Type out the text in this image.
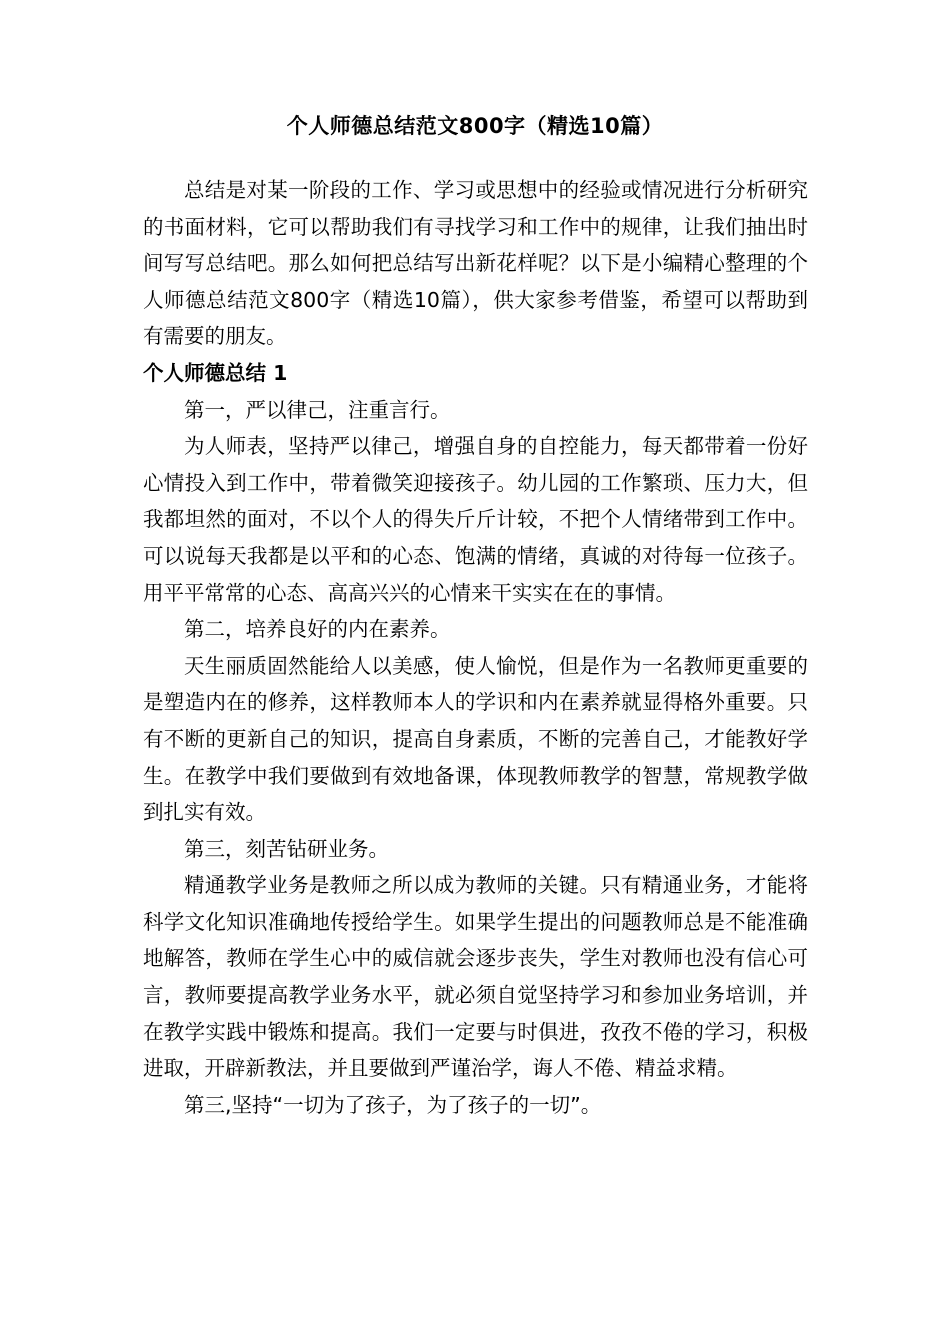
个人师德总结范文800字（精选10篇）

总结是对某一阶段的工作、学习或思想中的经验或情况进行分析研究的书面材料，它可以帮助我们有寻找学习和工作中的规律，让我们抽出时间写写总结吧。那么如何把总结写出新花样呢？以下是小编精心整理的个人师德总结范文800字（精选10篇），供大家参考借鉴，希望可以帮助到有需要的朋友。

个人师德总结 1

第一，严以律己，注重言行。

为人师表，坚持严以律己，增强自身的自控能力，每天都带着一份好心情投入到工作中，带着微笑迎接孩子。幼儿园的工作繁琐、压力大，但我都坦然的面对，不以个人的得失斤斤计较，不把个人情绪带到工作中。可以说每天我都是以平和的心态、饱满的情绪，真诚的对待每一位孩子。用平平常常的心态、高高兴兴的心情来干实实在在的事情。

第二，培养良好的内在素养。

天生丽质固然能给人以美感，使人愉悦，但是作为一名教师更重要的是塑造内在的修养，这样教师本人的学识和内在素养就显得格外重要。只有不断的更新自己的知识，提高自身素质，不断的完善自己，才能教好学生。在教学中我们要做到有效地备课，体现教师教学的智慧，常规教学做到扎实有效。

第三，刻苦钻研业务。

精通教学业务是教师之所以成为教师的关键。只有精通业务，才能将科学文化知识准确地传授给学生。如果学生提出的问题教师总是不能准确地解答，教师在学生心中的威信就会逐步丧失，学生对教师也没有信心可言，教师要提高教学业务水平，就必须自觉坚持学习和参加业务培训，并在教学实践中锻炼和提高。我们一定要与时俱进，孜孜不倦的学习，积极进取，开辟新教法，并且要做到严谨治学，诲人不倦、精益求精。

第三,坚持“一切为了孩子，为了孩子的一切”。
